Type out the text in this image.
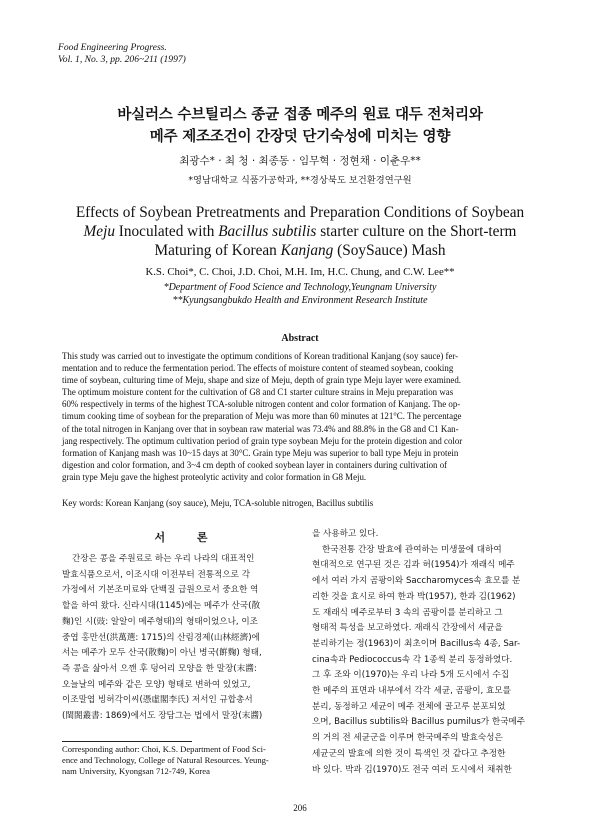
Food Engineering Progress.
Vol. 1, No. 3, pp. 206~211 (1997)
바실러스 수브틸리스 종균 접종 메주의 원료 대두 전처리와
메주 제조조건이 간장덧 단기숙성에 미치는 영향
최광수* · 최 청 · 최종동 · 임무혁 · 정현채 · 이춘우**
*영남대학교 식품가공학과, **경상북도 보건환경연구원
Effects of Soybean Pretreatments and Preparation Conditions of Soybean
Meju Inoculated with Bacillus subtilis starter culture on the Short-term
Maturing of Korean Kanjang (SoySauce) Mash
K.S. Choi*, C. Choi, J.D. Choi, M.H. Im, H.C. Chung, and C.W. Lee**
*Department of Food Science and Technology,Yeungnam University
**Kyungsangbukdo Health and Environment Research Institute
Abstract
This study was carried out to investigate the optimum conditions of Korean traditional Kanjang (soy sauce) fer-
mentation and to reduce the fermentation period. The effects of moisture content of steamed soybean, cooking
time of soybean, culturing time of Meju, shape and size of Meju, depth of grain type Meju layer were examined.
The optimum moisture content for the cultivation of G8 and C1 starter culture strains in Meju preparation was
60% respectively in terms of the highest TCA-soluble nitrogen content and color formation of Kanjang. The op-
timum cooking time of soybean for the preparation of Meju was more than 60 minutes at 121°C. The percentage
of the total nitrogen in Kanjang over that in soybean raw material was 73.4% and 88.8% in the G8 and C1 Kan-
jang respectively. The optimum cultivation period of grain type soybean Meju for the protein digestion and color
formation of Kanjang mash was 10~15 days at 30°C. Grain type Meju was superior to ball type Meju in protein
digestion and color formation, and 3~4 cm depth of cooked soybean layer in containers during cultivation of
grain type Meju gave the highest proteolytic activity and color formation in G8 Meju.
Key words: Korean Kanjang (soy sauce), Meju, TCA-soluble nitrogen, Bacillus subtilis
서 론
간장은 콩을 주원료로 하는 우리 나라의 대표적인
발효식품으로서, 이조시대 이전부터 전통적으로 각
가정에서 기본조미료와 단백질 급원으로서 중요한 역
할을 하여 왔다. 신라시대(1145)에는 메주가 산국(散
麴)인 시(豉: 알알이 메주형태)의 형태이었으나, 이조
중엽 홍만선(洪萬選: 1715)의 산림경제(山林經濟)에
서는 메주가 모두 산국(散麴)이 아닌 병국(餠麴) 형태,
즉 콩을 삶아서 으깬 후 덩어리 모양을 한 말장(末醬:
오늘날의 메주와 같은 모양) 형태로 변하여 있었고,
이조말엽 빙허각이씨(憑虛閣李氏) 저서인 규합총서
(閨閤叢書: 1869)에서도 장담그는 법에서 말장(末醬)
을 사용하고 있다.
한국전통 간장 발효에 관여하는 미생물에 대하여
현대적으로 연구된 것은 김과 허(1954)가 재래식 메주
에서 여러 가지 곰팡이와 Saccharomyces속 효모를 분
리한 것을 효시로 하여 한과 박(1957), 한과 김(1962)
도 재래식 메주로부터 3 속의 곰팡이를 분리하고 그
형태적 특성을 보고하였다. 재래식 간장에서 세균을
분리하기는 정(1963)이 최초이며 Bacillus속 4종, Sar-
cina속과 Pediococcus속 각 1종씩 분리 동정하였다.
그 후 조와 이(1970)는 우리 나라 5개 도시에서 수집
한 메주의 표면과 내부에서 각각 세균, 곰팡이, 효모를
분리, 동정하고 세균이 메주 전체에 골고루 분포되었
으며, Bacillus subtilis와 Bacillus pumilus가 한국메주
의 거의 전 세균군을 이루며 한국메주의 발효숙성은
세균군의 발효에 의한 것이 특색인 것 같다고 추정한
바 있다. 박과 김(1970)도 전국 여러 도시에서 채취한
Corresponding author: Choi, K.S. Department of Food Sci-
ence and Technology, College of Natural Resources. Yeung-
nam University, Kyongsan 712-749, Korea
206
